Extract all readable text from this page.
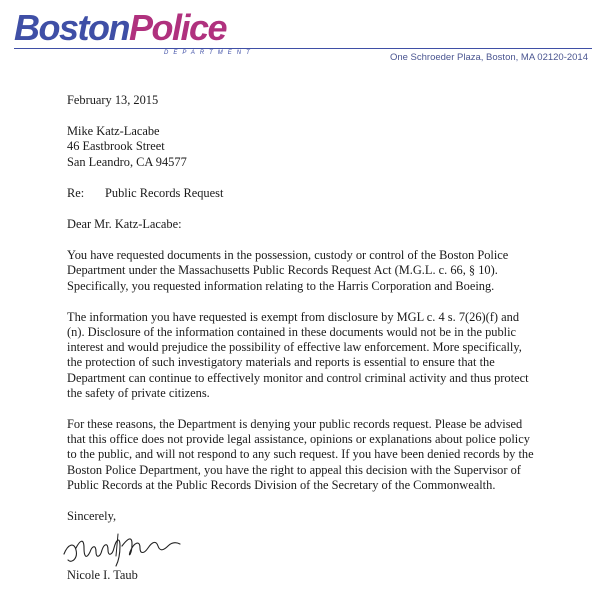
BostonPolice
DEPARTMENT	One Schroeder Plaza, Boston, MA 02120-2014

February 13, 2015

Mike Katz-Lacabe

46 Eastbrook Street

San Leandro, CA 94577

Re: Public Records Request

Dear Mr. Katz-Lacabe:

You have requested documents in the possession, custody or control of the Boston Police Department under the Massachusetts Public Records Request Act (M.G.L. c. 66, § 10). Specifically, you requested information relating to the Harris Corporation and Boeing.

The information you have requested is exempt from disclosure by MGL c. 4 s. 7(26)(f) and (n). Disclosure of the information contained in these documents would not be in the public interest and would prejudice the possibility of effective law enforcement. More specifically, the protection of such investigatory materials and reports is essential to ensure that the Department can continue to effectively monitor and control criminal activity and thus protect the safety of private citizens.

For these reasons, the Department is denying your public records request. Please be advised that this office does not provide legal assistance, opinions or explanations about police policy to the public, and will not respond to any such request. If you have been denied records by the Boston Police Department, you have the right to appeal this decision with the Supervisor of Public Records at the Public Records Division of the Secretary of the Commonwealth.

Sincerely,

Nicole I. Taub
